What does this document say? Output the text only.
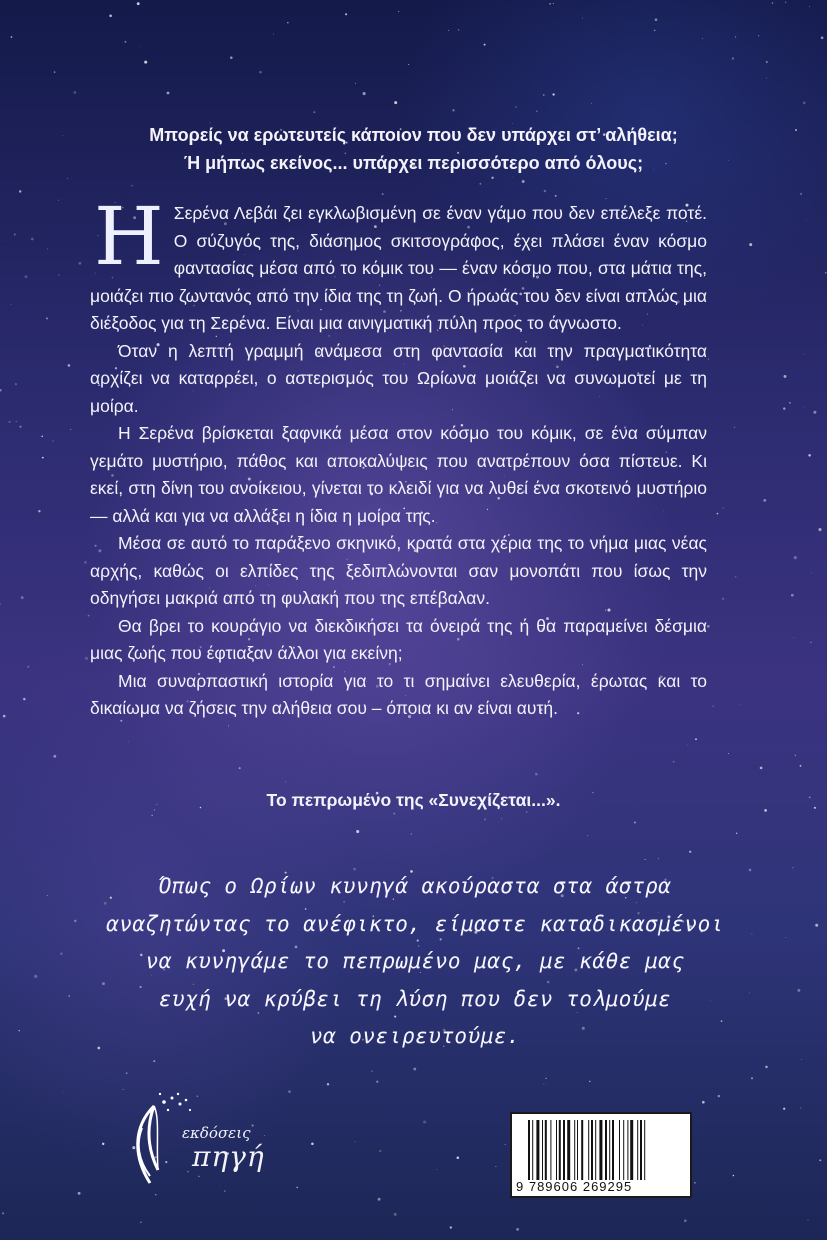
Μπορείς να ερωτευτείς κάποιον που δεν υπάρχει στ’ αλήθεια;
Ή μήπως εκείνος... υπάρχει περισσότερο από όλους;

Η Σερένα Λεβάι ζει εγκλωβισμένη σε έναν γάμο που δεν επέλεξε ποτέ. Ο σύζυγός της, διάσημος σκιτσογράφος, έχει πλάσει έναν κόσμο φαντασίας μέσα από το κόμικ του — έναν κόσμο που, στα μάτια της, μοιάζει πιο ζωντανός από την ίδια της τη ζωή. Ο ήρωάς του δεν είναι απλώς μια διέξοδος για τη Σερένα. Είναι μια αινιγματική πύλη προς το άγνωστο.

Όταν η λεπτή γραμμή ανάμεσα στη φαντασία και την πραγματικότητα αρχίζει να καταρρέει, ο αστερισμός του Ωρίωνα μοιάζει να συνωμοτεί με τη μοίρα.

Η Σερένα βρίσκεται ξαφνικά μέσα στον κόσμο του κόμικ, σε ένα σύμπαν γεμάτο μυστήριο, πάθος και αποκαλύψεις που ανατρέπουν όσα πίστευε. Κι εκεί, στη δίνη του ανοίκειου, γίνεται το κλειδί για να λυθεί ένα σκοτεινό μυστήριο — αλλά και για να αλλάξει η ίδια η μοίρα της.

Μέσα σε αυτό το παράξενο σκηνικό, κρατά στα χέρια της το νήμα μιας νέας αρχής, καθώς οι ελπίδες της ξεδιπλώνονται σαν μονοπάτι που ίσως την οδηγήσει μακριά από τη φυλακή που της επέβαλαν.

Θα βρει το κουράγιο να διεκδικήσει τα όνειρά της ή θα παραμείνει δέσμια μιας ζωής που έφτιαξαν άλλοι για εκείνη;

Μια συναρπαστική ιστορία για το τι σημαίνει ελευθερία, έρωτας και το δικαίωμα να ζήσεις την αλήθεια σου – όποια κι αν είναι αυτή.

Το πεπρωμένο της «Συνεχίζεται...».
Όπως ο Ωρίων κυνηγά ακούραστα στα άστρα
αναζητώντας το ανέφικτο, είμαστε καταδικασμένοι
να κυνηγάμε το πεπρωμένο μας, με κάθε μας
ευχή να κρύβει τη λύση που δεν τολμούμε
να ονειρευτούμε.
εκδόσεις
πηγή
9 789606 269295
